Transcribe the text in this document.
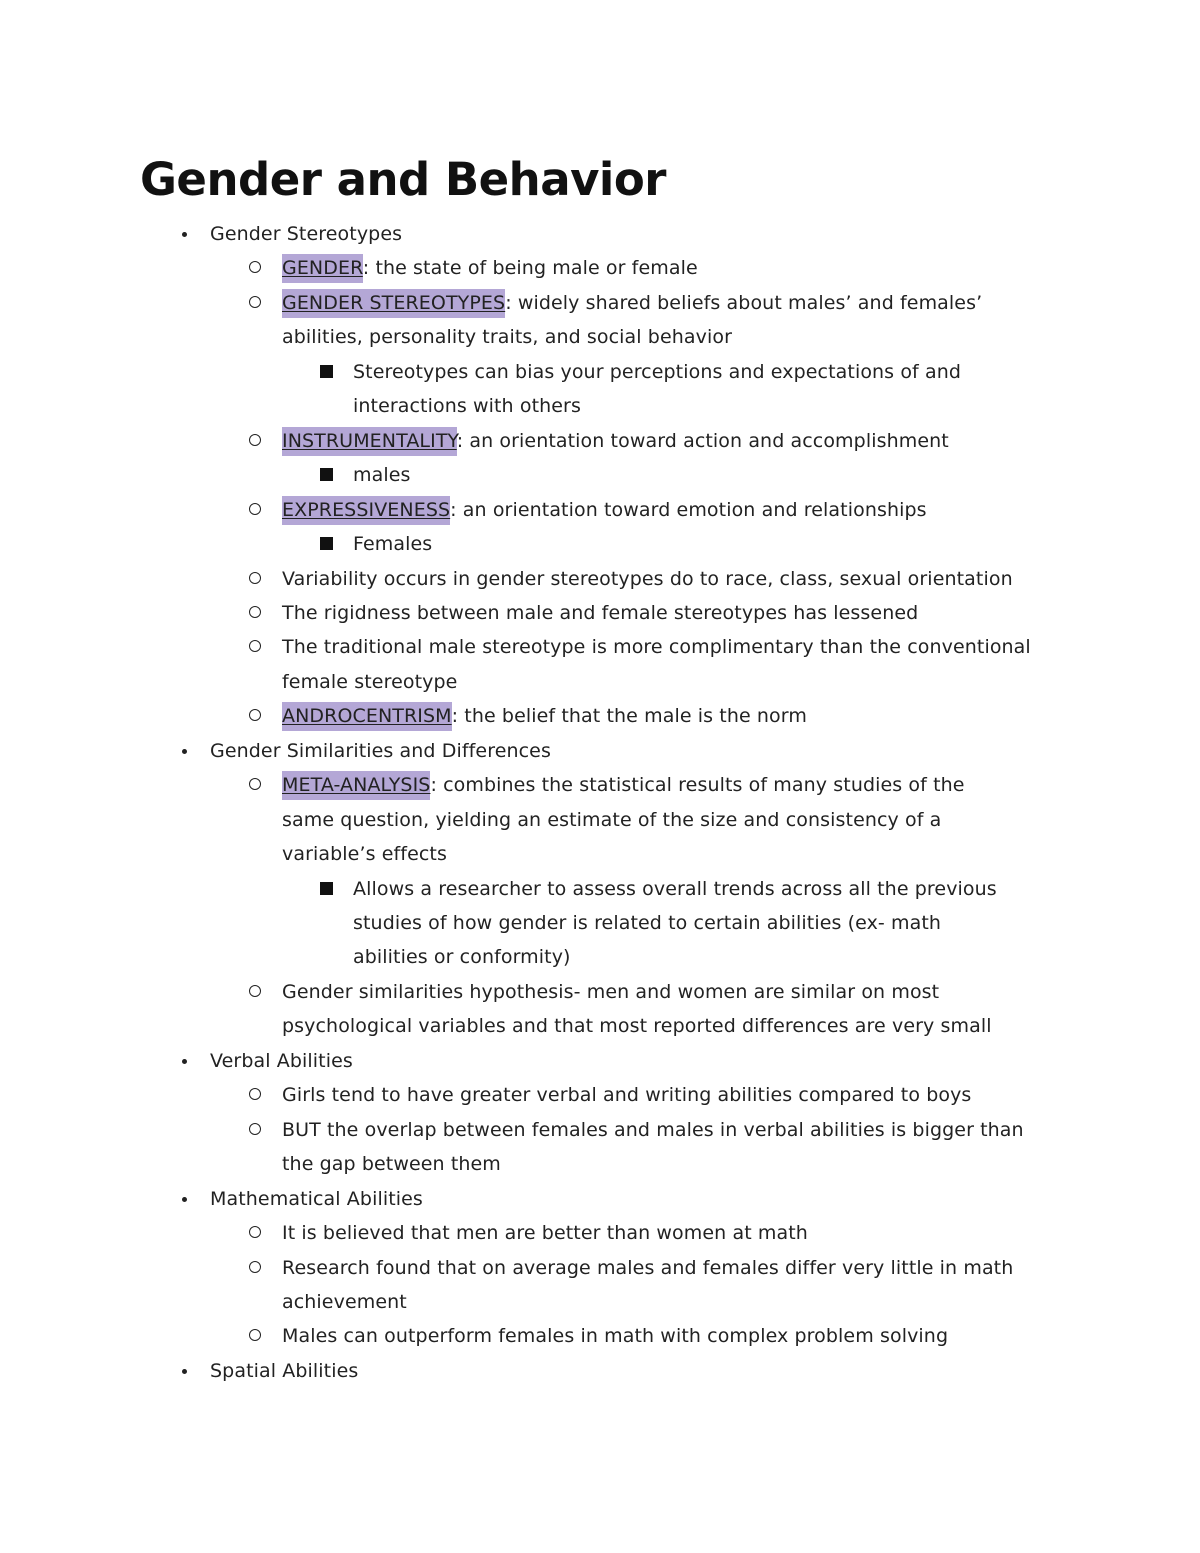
Gender and Behavior
Gender Stereotypes
GENDER: the state of being male or female
GENDER STEREOTYPES: widely shared beliefs about males’ and females’
abilities, personality traits, and social behavior
Stereotypes can bias your perceptions and expectations of and
interactions with others
INSTRUMENTALITY: an orientation toward action and accomplishment
males
EXPRESSIVENESS: an orientation toward emotion and relationships
Females
Variability occurs in gender stereotypes do to race, class, sexual orientation
The rigidness between male and female stereotypes has lessened
The traditional male stereotype is more complimentary than the conventional
female stereotype
ANDROCENTRISM: the belief that the male is the norm
Gender Similarities and Differences
META-ANALYSIS: combines the statistical results of many studies of the
same question, yielding an estimate of the size and consistency of a
variable’s effects
Allows a researcher to assess overall trends across all the previous
studies of how gender is related to certain abilities (ex- math
abilities or conformity)
Gender similarities hypothesis- men and women are similar on most
psychological variables and that most reported differences are very small
Verbal Abilities
Girls tend to have greater verbal and writing abilities compared to boys
BUT the overlap between females and males in verbal abilities is bigger than
the gap between them
Mathematical Abilities
It is believed that men are better than women at math
Research found that on average males and females differ very little in math
achievement
Males can outperform females in math with complex problem solving
Spatial Abilities
